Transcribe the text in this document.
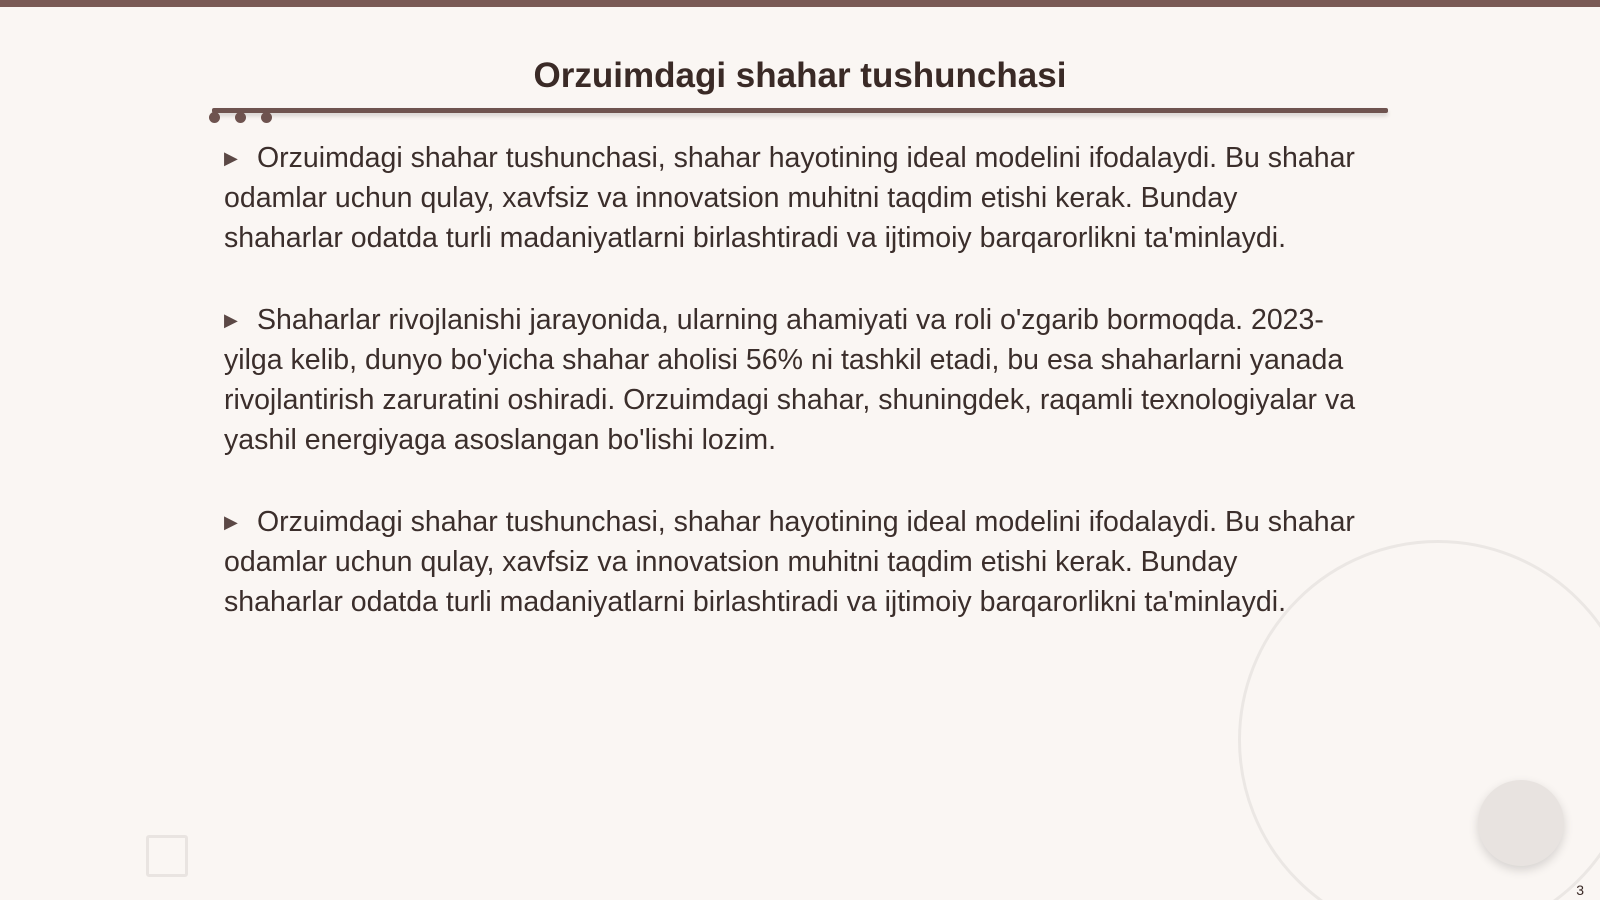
Orzuimdagi shahar tushunchasi

▶ Orzuimdagi shahar tushunchasi, shahar hayotining ideal modelini ifodalaydi. Bu shahar odamlar uchun qulay, xavfsiz va innovatsion muhitni taqdim etishi kerak. Bunday shaharlar odatda turli madaniyatlarni birlashtiradi va ijtimoiy barqarorlikni ta'minlaydi.

▶ Shaharlar rivojlanishi jarayonida, ularning ahamiyati va roli o'zgarib bormoqda. 2023-yilga kelib, dunyo bo'yicha shahar aholisi 56% ni tashkil etadi, bu esa shaharlarni yanada rivojlantirish zaruratini oshiradi. Orzuimdagi shahar, shuningdek, raqamli texnologiyalar va yashil energiyaga asoslangan bo'lishi lozim.

▶ Orzuimdagi shahar tushunchasi, shahar hayotining ideal modelini ifodalaydi. Bu shahar odamlar uchun qulay, xavfsiz va innovatsion muhitni taqdim etishi kerak. Bunday shaharlar odatda turli madaniyatlarni birlashtiradi va ijtimoiy barqarorlikni ta'minlaydi.

3
